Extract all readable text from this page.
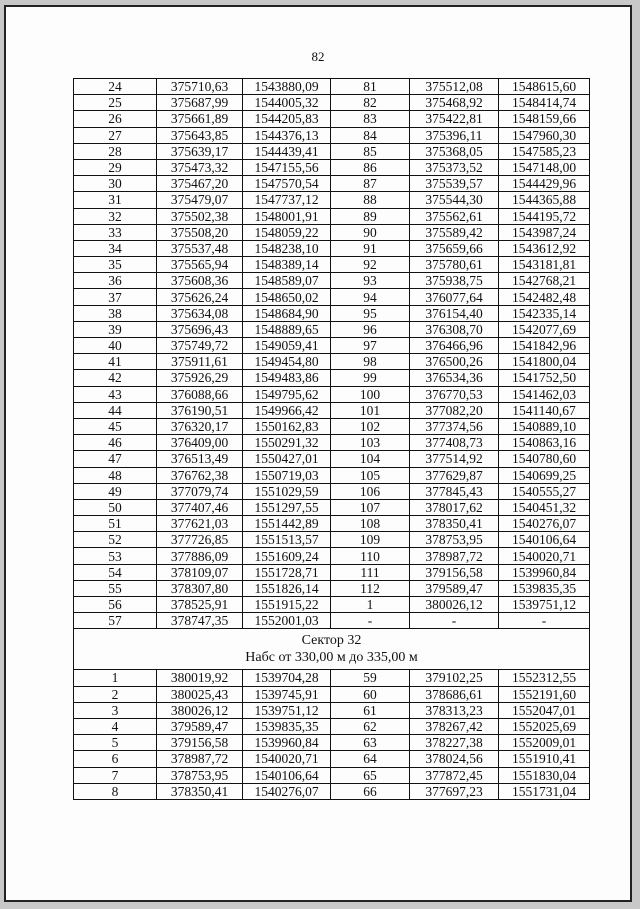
82
24	375710,63	1543880,09	81	375512,08	1548615,60
25	375687,99	1544005,32	82	375468,92	1548414,74
26	375661,89	1544205,83	83	375422,81	1548159,66
27	375643,85	1544376,13	84	375396,11	1547960,30
28	375639,17	1544439,41	85	375368,05	1547585,23
29	375473,32	1547155,56	86	375373,52	1547148,00
30	375467,20	1547570,54	87	375539,57	1544429,96
31	375479,07	1547737,12	88	375544,30	1544365,88
32	375502,38	1548001,91	89	375562,61	1544195,72
33	375508,20	1548059,22	90	375589,42	1543987,24
34	375537,48	1548238,10	91	375659,66	1543612,92
35	375565,94	1548389,14	92	375780,61	1543181,81
36	375608,36	1548589,07	93	375938,75	1542768,21
37	375626,24	1548650,02	94	376077,64	1542482,48
38	375634,08	1548684,90	95	376154,40	1542335,14
39	375696,43	1548889,65	96	376308,70	1542077,69
40	375749,72	1549059,41	97	376466,96	1541842,96
41	375911,61	1549454,80	98	376500,26	1541800,04
42	375926,29	1549483,86	99	376534,36	1541752,50
43	376088,66	1549795,62	100	376770,53	1541462,03
44	376190,51	1549966,42	101	377082,20	1541140,67
45	376320,17	1550162,83	102	377374,56	1540889,10
46	376409,00	1550291,32	103	377408,73	1540863,16
47	376513,49	1550427,01	104	377514,92	1540780,60
48	376762,38	1550719,03	105	377629,87	1540699,25
49	377079,74	1551029,59	106	377845,43	1540555,27
50	377407,46	1551297,55	107	378017,62	1540451,32
51	377621,03	1551442,89	108	378350,41	1540276,07
52	377726,85	1551513,57	109	378753,95	1540106,64
53	377886,09	1551609,24	110	378987,72	1540020,71
54	378109,07	1551728,71	111	379156,58	1539960,84
55	378307,80	1551826,14	112	379589,47	1539835,35
56	378525,91	1551915,22	1	380026,12	1539751,12
57	378747,35	1552001,03	-	-	-

Сектор 32
Набс от 330,00 м до 335,00 м					

1	380019,92	1539704,28	59	379102,25	1552312,55
2	380025,43	1539745,91	60	378686,61	1552191,60
3	380026,12	1539751,12	61	378313,23	1552047,01
4	379589,47	1539835,35	62	378267,42	1552025,69
5	379156,58	1539960,84	63	378227,38	1552009,01
6	378987,72	1540020,71	64	378024,56	1551910,41
7	378753,95	1540106,64	65	377872,45	1551830,04
8	378350,41	1540276,07	66	377697,23	1551731,04
